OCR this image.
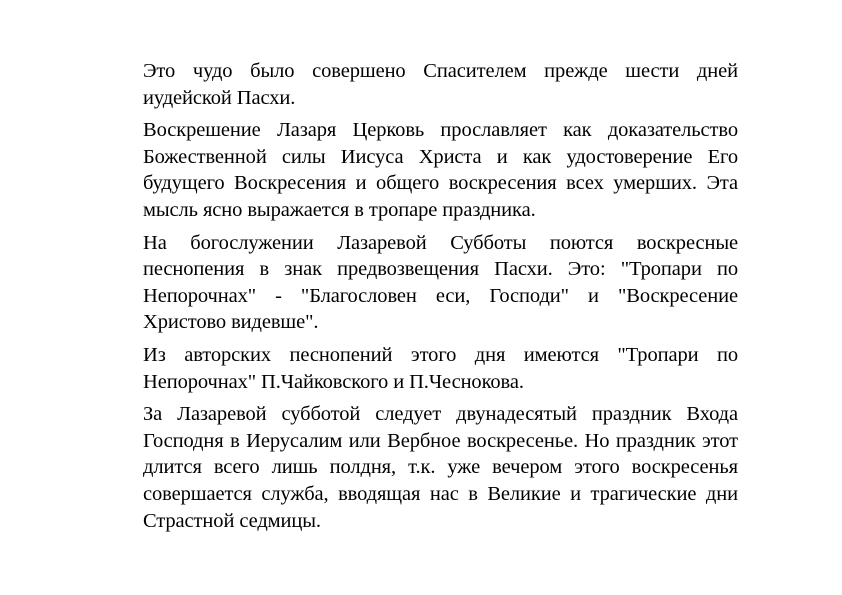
Это чудо было совершено Спасителем прежде шести дней иудейской Пасхи.

Воскрешение Лазаря Церковь прославляет как доказательство Божественной силы Иисуса Христа и как удостоверение Его будущего Воскресения и общего воскресения всех умерших. Эта мысль ясно выражается в тропаре праздника.

На богослужении Лазаревой Субботы поются воскресные песнопения в знак предвозвещения Пасхи. Это: "Тропари по Непорочнах" - "Благословен еси, Господи" и "Воскресение Христово видевше".

Из авторских песнопений этого дня имеются "Тропари по Непорочнах" П.Чайковского и П.Чеснокова.

За Лазаревой субботой следует двунадесятый праздник Входа Господня в Иерусалим или Вербное воскресенье. Но праздник этот длится всего лишь полдня, т.к. уже вечером этого воскресенья совершается служба, вводящая нас в Великие и трагические дни Страстной седмицы.
